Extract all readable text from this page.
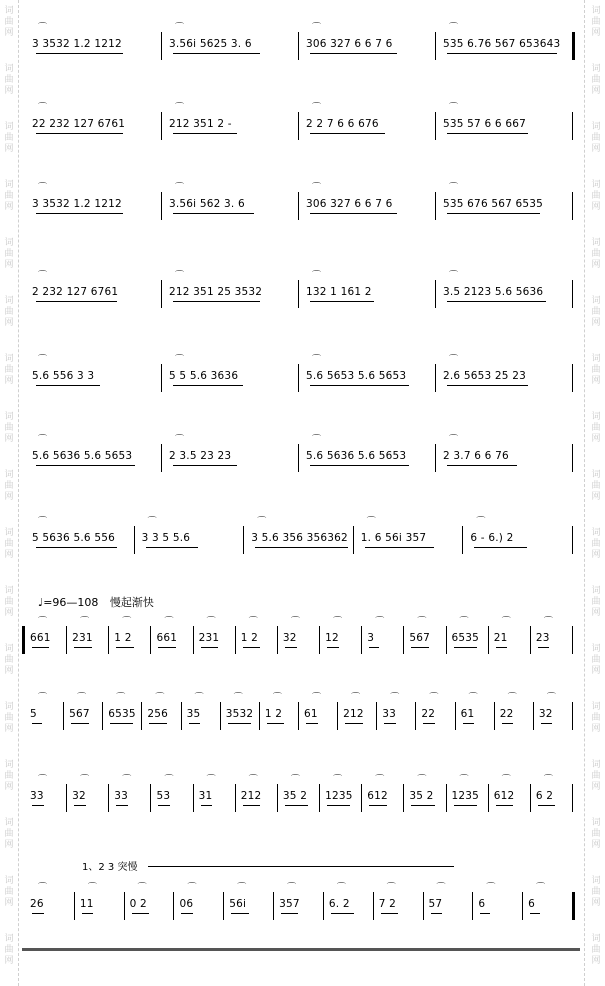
词
曲
网
词
曲
网
词
曲
网
词
曲
网
词
曲
网
词
曲
网
词
曲
网
词
曲
网
词
曲
网
词
曲
网
词
曲
网
词
曲
网
词
曲
网
词
曲
网
词
曲
网
词
曲
网
词
曲
网
词
曲
网
词
曲
网
词
曲
网
词
曲
网
词
曲
网
词
曲
网
词
曲
网
词
曲
网
词
曲
网
词
曲
网
词
曲
网
词
曲
网
词
曲
网
词
曲
网
词
曲
网
词
曲
网
词
曲
网
3 3532 1.2 1212
⌒
3.56i 5625 3. 6
⌒
306 327 6 6 7 6
⌒
535 6.76 567 653643
⌒
22 232 127 6761
⌒
212 351 2 -
⌒
2 2 7 6 6 676
⌒
535 57 6 6 667
⌒
3 3532 1.2 1212
⌒
3.56i 562 3. 6
⌒
306 327 6 6 7 6
⌒
535 676 567 6535
⌒
2 232 127 6761
⌒
212 351 25 3532
⌒
132 1 161 2
⌒
3.5 2123 5.6 5636
⌒
5.6 556 3 3
⌒
5 5 5.6 3636
⌒
5.6 5653 5.6 5653
⌒
2.6 5653 25 23
⌒
5.6 5636 5.6 5653
⌒
2 3.5 23 23
⌒
5.6 5636 5.6 5653
⌒
2 3.7 6 6 76
⌒
5 5636 5.6 556
⌒
3 3 5 5.6
⌒
3 5.6 356 356362
⌒
1. 6 56i 357
⌒
6 - 6.) 2
⌒
661
⌒
231
⌒
1 2
⌒
661
⌒
231
⌒
1 2
⌒
32
⌒
12
⌒
3
⌒
567
⌒
6535
⌒
21
⌒
23
⌒
5
⌒
567
⌒
6535
⌒
256
⌒
35
⌒
3532
⌒
1 2
⌒
61
⌒
212
⌒
33
⌒
22
⌒
61
⌒
22
⌒
32
⌒
33
⌒
32
⌒
33
⌒
53
⌒
31
⌒
212
⌒
35 2
⌒
1235
⌒
612
⌒
35 2
⌒
1235
⌒
612
⌒
6 2
⌒
26
⌒
11
⌒
0 2
⌒
06
⌒
56i
⌒
357
⌒
6. 2
⌒
7 2
⌒
57
⌒
6
⌒
6
⌒
♩=96—108 慢起渐快
1、2 3 突慢
